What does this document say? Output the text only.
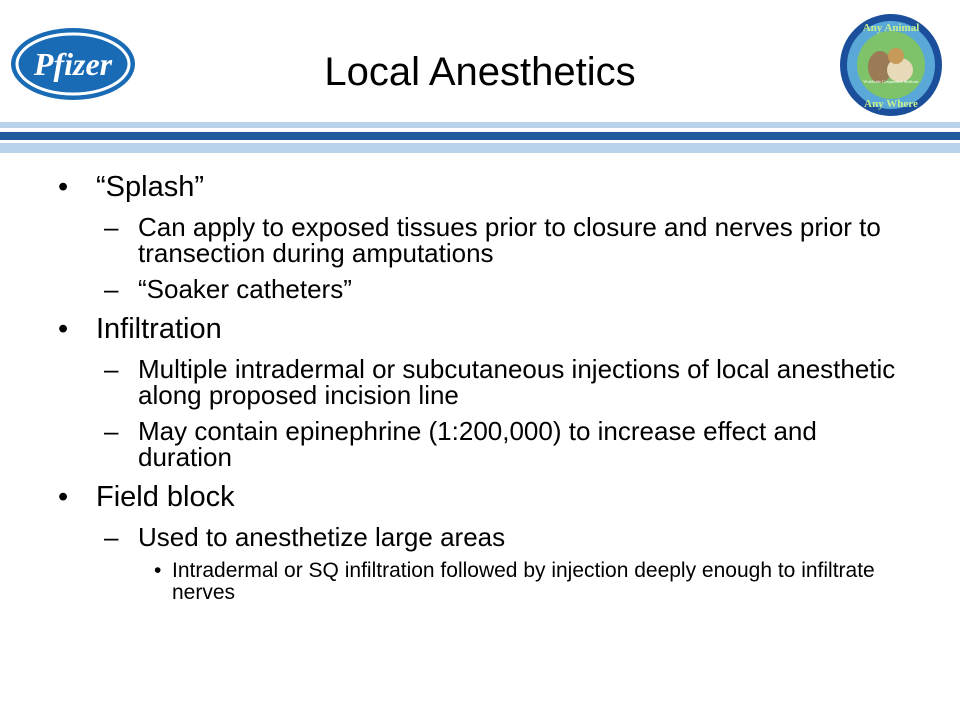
Pfizer	Local Anesthetics
Any Animal
Any Where
Worldwide Comparative Medicine
• “Splash”
– Can apply to exposed tissues prior to closure and nerves prior to transection during amputations
– “Soaker catheters”
• Infiltration
– Multiple intradermal or subcutaneous injections of local anesthetic along proposed incision line
– May contain epinephrine (1:200,000) to increase effect and duration
• Field block
– Used to anesthetize large areas
• Intradermal or SQ infiltration followed by injection deeply enough to infiltrate nerves
